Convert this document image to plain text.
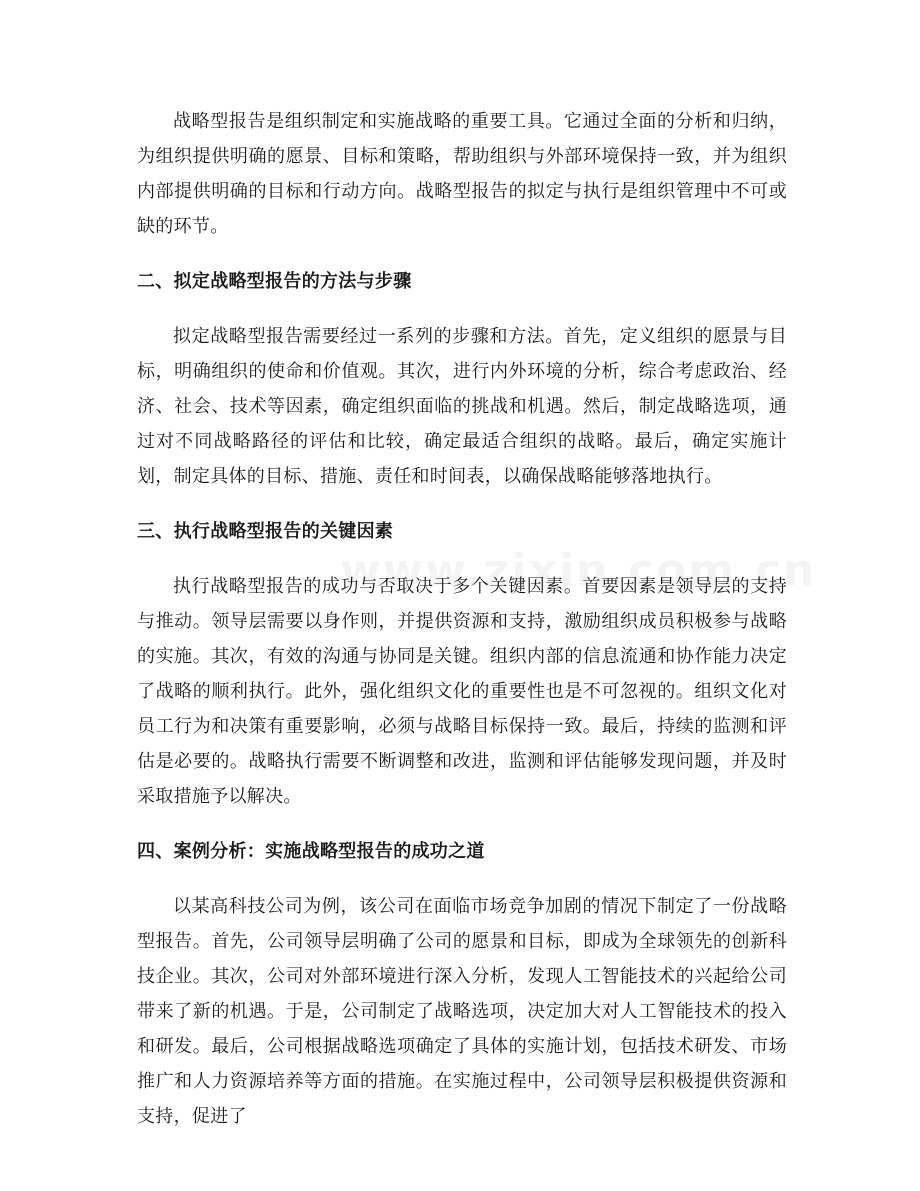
战略型报告是组织制定和实施战略的重要工具。它通过全面的分析和归纳，为组织提供明确的愿景、目标和策略，帮助组织与外部环境保持一致，并为组织内部提供明确的目标和行动方向。战略型报告的拟定与执行是组织管理中不可或缺的环节。

二、拟定战略型报告的方法与步骤

拟定战略型报告需要经过一系列的步骤和方法。首先，定义组织的愿景与目标，明确组织的使命和价值观。其次，进行内外环境的分析，综合考虑政治、经济、社会、技术等因素，确定组织面临的挑战和机遇。然后，制定战略选项，通过对不同战略路径的评估和比较，确定最适合组织的战略。最后，确定实施计划，制定具体的目标、措施、责任和时间表，以确保战略能够落地执行。

三、执行战略型报告的关键因素

执行战略型报告的成功与否取决于多个关键因素。首要因素是领导层的支持与推动。领导层需要以身作则，并提供资源和支持，激励组织成员积极参与战略的实施。其次，有效的沟通与协同是关键。组织内部的信息流通和协作能力决定了战略的顺利执行。此外，强化组织文化的重要性也是不可忽视的。组织文化对员工行为和决策有重要影响，必须与战略目标保持一致。最后，持续的监测和评估是必要的。战略执行需要不断调整和改进，监测和评估能够发现问题，并及时采取措施予以解决。

四、案例分析：实施战略型报告的成功之道

以某高科技公司为例，该公司在面临市场竞争加剧的情况下制定了一份战略型报告。首先，公司领导层明确了公司的愿景和目标，即成为全球领先的创新科技企业。其次，公司对外部环境进行深入分析，发现人工智能技术的兴起给公司带来了新的机遇。于是，公司制定了战略选项，决定加大对人工智能技术的投入和研发。最后，公司根据战略选项确定了具体的实施计划，包括技术研发、市场推广和人力资源培养等方面的措施。在实施过程中，公司领导层积极提供资源和支持，促进了
